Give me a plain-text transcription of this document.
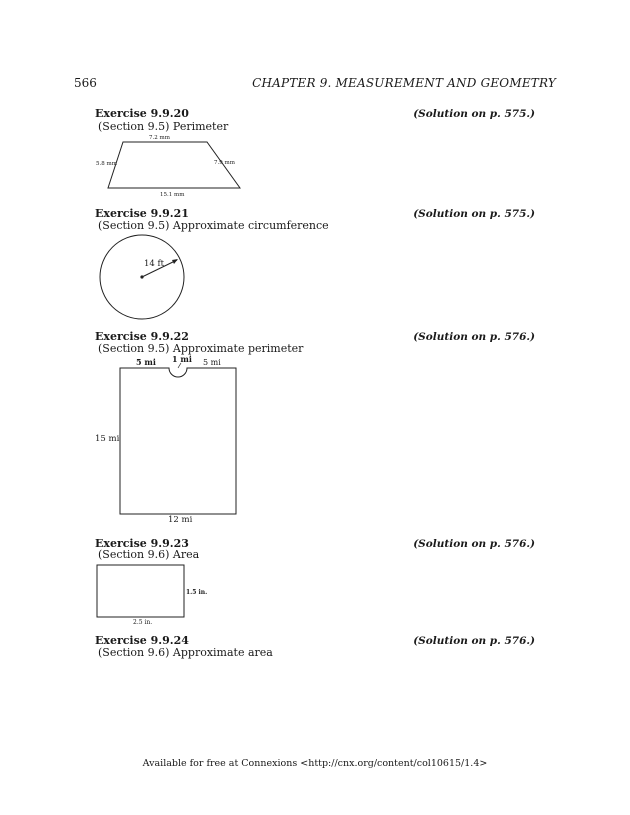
566	CHAPTER 9. MEASUREMENT AND GEOMETRY
Exercise 9.9.20	(Solution on p. 575.)
(Section 9.5) Perimeter
7.2 mm
5.8 mm	7.9 mm
15.1 mm
Exercise 9.9.21	(Solution on p. 575.)
(Section 9.5) Approximate circumference
14 ft
Exercise 9.9.22	(Solution on p. 576.)
(Section 9.5) Approximate perimeter
5 mi 1 mi 5 mi
15 mi
12 mi
Exercise 9.9.23	(Solution on p. 576.)
(Section 9.6) Area
1.5 in.
2.5 in.
Exercise 9.9.24	(Solution on p. 576.)
(Section 9.6) Approximate area
Available for free at Connexions <http://cnx.org/content/col10615/1.4>
